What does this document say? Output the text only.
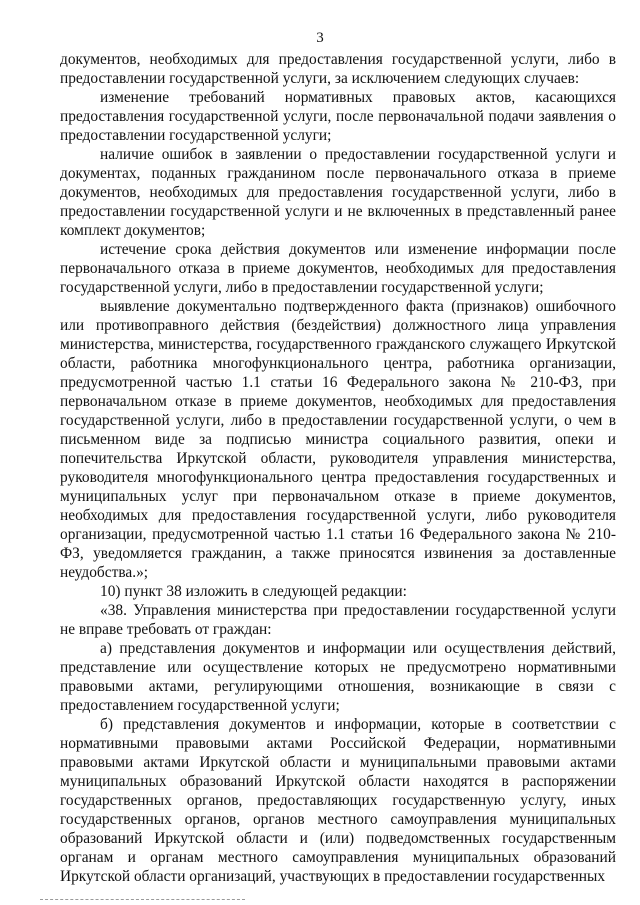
3

документов, необходимых для предоставления государственной услуги, либо в предоставлении государственной услуги, за исключением следующих случаев:

изменение требований нормативных правовых актов, касающихся предоставления государственной услуги, после первоначальной подачи заявления о предоставлении государственной услуги;

наличие ошибок в заявлении о предоставлении государственной услуги и документах, поданных гражданином после первоначального отказа в приеме документов, необходимых для предоставления государственной услуги, либо в предоставлении государственной услуги и не включенных в представленный ранее комплект документов;

истечение срока действия документов или изменение информации после первоначального отказа в приеме документов, необходимых для предоставления государственной услуги, либо в предоставлении государственной услуги;

выявление документально подтвержденного факта (признаков) ошибочного или противоправного действия (бездействия) должностного лица управления министерства, министерства, государственного гражданского служащего Иркутской области, работника многофункционального центра, работника организации, предусмотренной частью 1.1 статьи 16 Федерального закона № 210-ФЗ, при первоначальном отказе в приеме документов, необходимых для предоставления государственной услуги, либо в предоставлении государственной услуги, о чем в письменном виде за подписью министра социального развития, опеки и попечительства Иркутской области, руководителя управления министерства, руководителя многофункционального центра предоставления государственных и муниципальных услуг при первоначальном отказе в приеме документов, необходимых для предоставления государственной услуги, либо руководителя организации, предусмотренной частью 1.1 статьи 16 Федерального закона № 210-ФЗ, уведомляется гражданин, а также приносятся извинения за доставленные неудобства.»;

10) пункт 38 изложить в следующей редакции:

«38. Управления министерства при предоставлении государственной услуги не вправе требовать от граждан:

а) представления документов и информации или осуществления действий, представление или осуществление которых не предусмотрено нормативными правовыми актами, регулирующими отношения, возникающие в связи с предоставлением государственной услуги;

б) представления документов и информации, которые в соответствии с нормативными правовыми актами Российской Федерации, нормативными правовыми актами Иркутской области и муниципальными правовыми актами муниципальных образований Иркутской области находятся в распоряжении государственных органов, предоставляющих государственную услугу, иных государственных органов, органов местного самоуправления муниципальных образований Иркутской области и (или) подведомственных государственным органам и органам местного самоуправления муниципальных образований Иркутской области организаций, участвующих в предоставлении государственных
